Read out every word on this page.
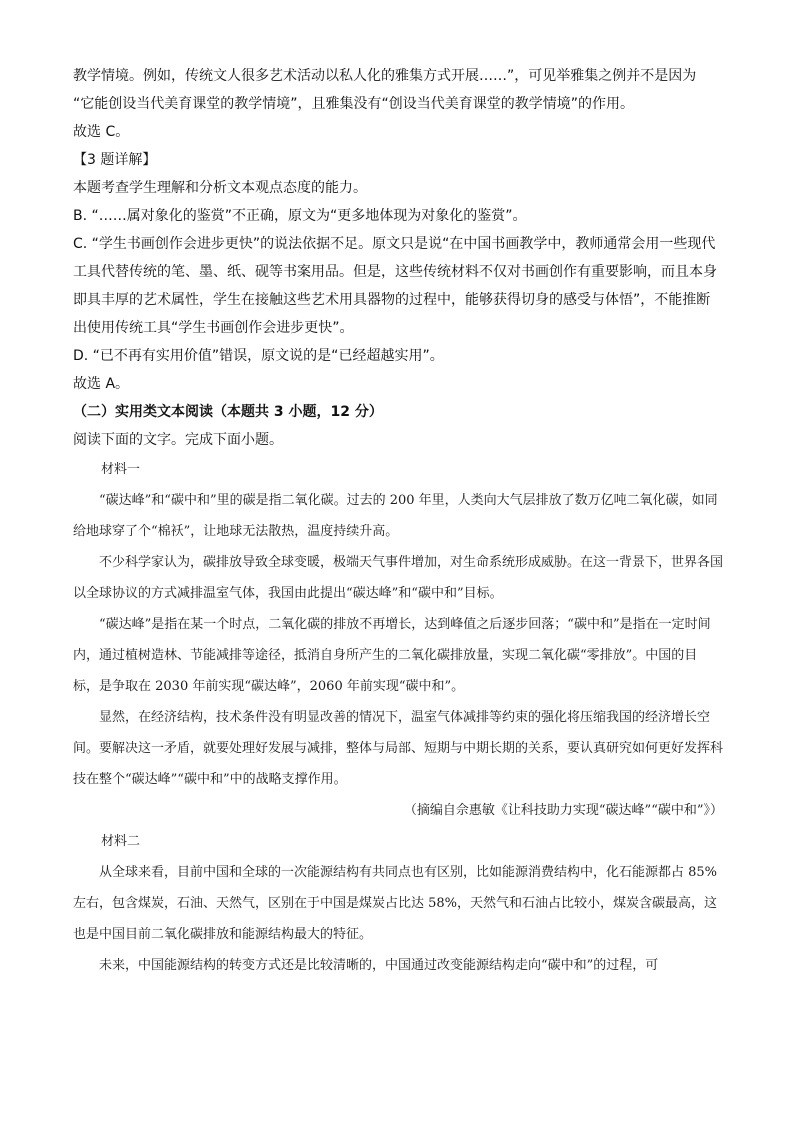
教学情境。例如，传统文人很多艺术活动以私人化的雅集方式开展……”，可见举雅集之例并不是因为

“它能创设当代美育课堂的教学情境”，且雅集没有“创设当代美育课堂的教学情境”的作用。

故选 C。

【3 题详解】

本题考查学生理解和分析文本观点态度的能力。

B. “……属对象化的鉴赏”不正确，原文为“更多地体现为对象化的鉴赏”。

C. “学生书画创作会进步更快”的说法依据不足。原文只是说“在中国书画教学中，教师通常会用一些现代工具代替传统的笔、墨、纸、砚等书案用品。但是，这些传统材料不仅对书画创作有重要影响，而且本身即具丰厚的艺术属性，学生在接触这些艺术用具器物的过程中，能够获得切身的感受与体悟”，不能推断出使用传统工具“学生书画创作会进步更快”。

D. “已不再有实用价值”错误，原文说的是“已经超越实用”。

故选 A。

（二）实用类文本阅读（本题共 3 小题，12 分）

阅读下面的文字。完成下面小题。

材料一

“碳达峰”和“碳中和”里的碳是指二氧化碳。过去的 200 年里，人类向大气层排放了数万亿吨二氧化碳，如同给地球穿了个“棉袄”，让地球无法散热，温度持续升高。

不少科学家认为，碳排放导致全球变暖，极端天气事件增加，对生命系统形成威胁。在这一背景下，世界各国以全球协议的方式减排温室气体，我国由此提出“碳达峰”和“碳中和”目标。

“碳达峰”是指在某一个时点，二氧化碳的排放不再增长，达到峰值之后逐步回落；“碳中和”是指在一定时间内，通过植树造林、节能减排等途径，抵消自身所产生的二氧化碳排放量，实现二氧化碳“零排放”。中国的目标，是争取在 2030 年前实现“碳达峰”，2060 年前实现“碳中和”。

显然，在经济结构，技术条件没有明显改善的情况下，温室气体减排等约束的强化将压缩我国的经济增长空间。要解决这一矛盾，就要处理好发展与减排，整体与局部、短期与中期长期的关系，要认真研究如何更好发挥科技在整个“碳达峰”“碳中和”中的战略支撑作用。

（摘编自佘惠敏《让科技助力实现“碳达峰”“碳中和”》）

材料二

从全球来看，目前中国和全球的一次能源结构有共同点也有区别，比如能源消费结构中，化石能源都占 85%左右，包含煤炭，石油、天然气，区别在于中国是煤炭占比达 58%，天然气和石油占比较小，煤炭含碳最高，这也是中国目前二氧化碳排放和能源结构最大的特征。

未来，中国能源结构的转变方式还是比较清晰的，中国通过改变能源结构走向“碳中和”的过程，可
